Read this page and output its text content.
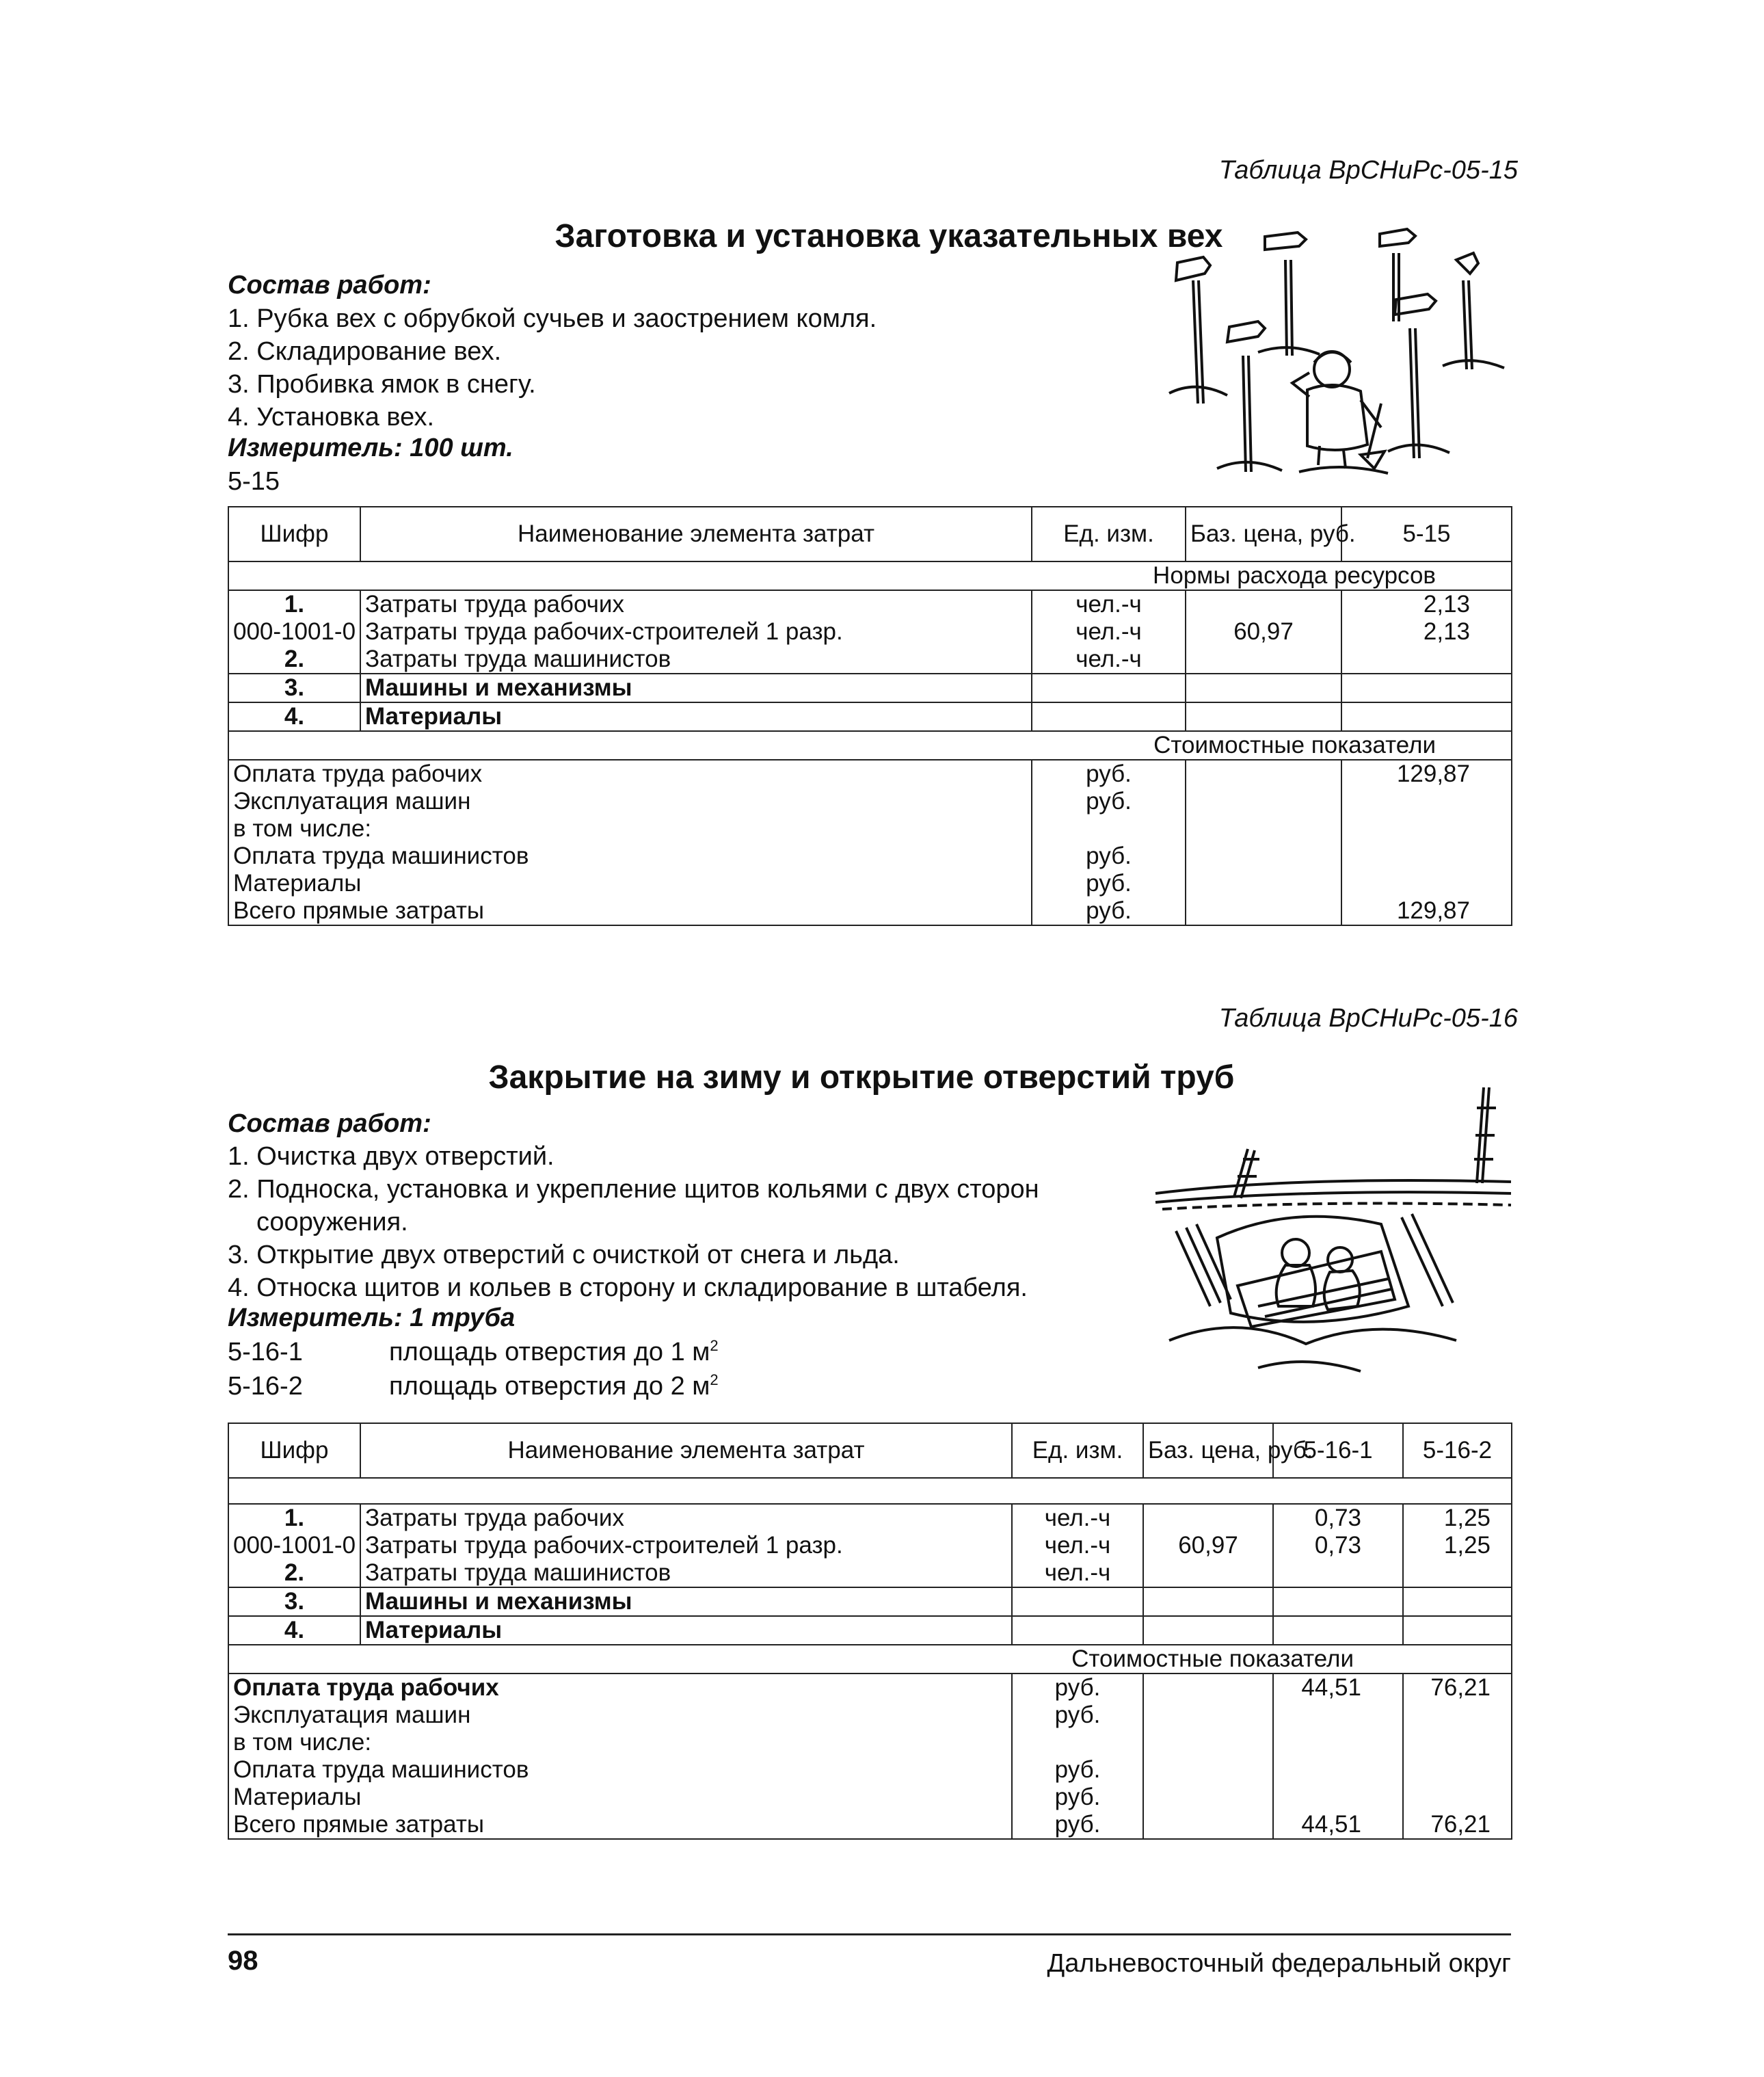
Таблица ВрСНиРс-05-15
Заготовка и установка указательных вех
Состав работ:
1. Рубка вех с обрубкой сучьев и заострением комля.
2. Складирование вех.
3. Пробивка ямок в снегу.
4. Установка вех.
Измеритель: 100 шт.
5-15
Шифр	Наименование элемента затрат	Ед. изм.	Баз. цена, руб.	5-15
Нормы расхода ресурсов				
1.	Затраты труда рабочих	чел.-ч		2,13
000-1001-0	Затраты труда рабочих-строителей 1 разр.	чел.-ч	60,97	2,13
2.	Затраты труда машинистов	чел.-ч		
3.	Машины и механизмы			
4.	Материалы			
Стоимостные показатели				
Оплата труда рабочих		руб.		129,87
Эксплуатация машин		руб.		
в том числе:				
Оплата труда машинистов		руб.		
Материалы		руб.		
Всего прямые затраты		руб.		129,87
Таблица ВрСНиРс-05-16
Закрытие на зиму и открытие отверстий труб
Состав работ:
1. Очистка двух отверстий.
2. Подноска, установка и укрепление щитов кольями с двух сторон сооружения.
3. Открытие двух отверстий с очисткой от снега и льда.
4. Относка щитов и кольев в сторону и складирование в штабеля.
Измеритель: 1 труба
5-16-1	площадь отверстия до 1 $м^2$
5-16-2	площадь отверстия до 2 $м^2$
Шифр	Наименование элемента затрат	Ед. изм.	Баз. цена, руб.	5-16-1	5-16-2

1.	Затраты труда рабочих	чел.-ч		0,73	1,25
000-1001-0	Затраты труда рабочих-строителей 1 разр.	чел.-ч	60,97	0,73	1,25
2.	Затраты труда машинистов	чел.-ч			
3.	Машины и механизмы				
4.	Материалы				
Стоимостные показатели					
Оплата труда рабочих		руб.		44,51	76,21
Эксплуатация машин		руб.			
в том числе:					
Оплата труда машинистов		руб.			
Материалы		руб.			
Всего прямые затраты		руб.		44,51	76,21
98	Дальневосточный федеральный округ
